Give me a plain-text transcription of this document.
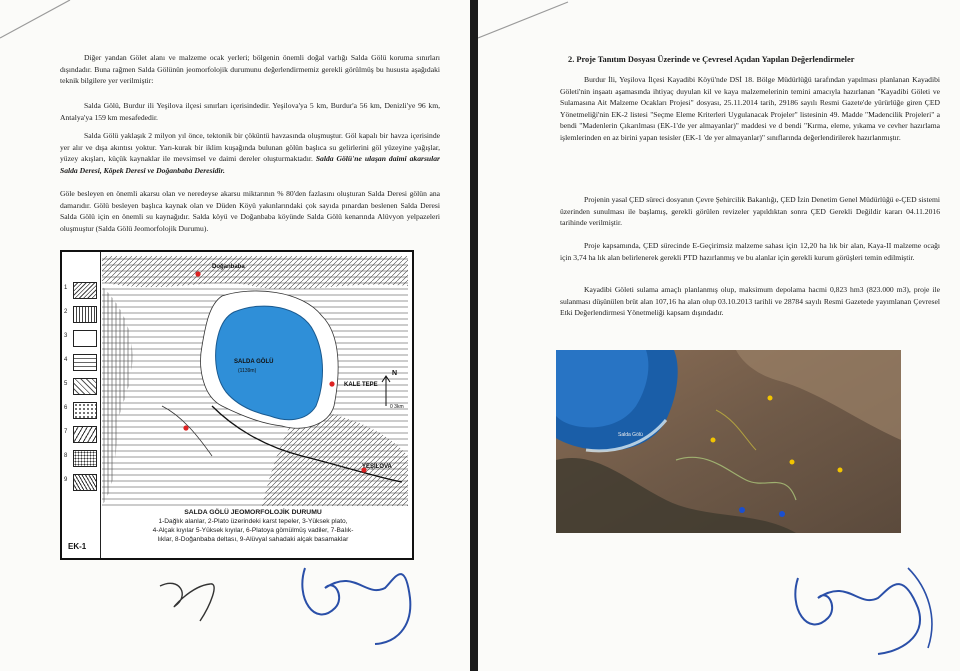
Diğer yandan Gölet alanı ve malzeme ocak yerleri; bölgenin önemli doğal varlığı Salda Gölü koruma sınırları dışındadır. Buna rağmen Salda Gölünün jeomorfolojik durumunu değerlendirmemiz gerekli görülmüş bu hususta aşağıdaki teknik bilgilere yer verilmiştir:

Salda Gölü, Burdur ili Yeşilova ilçesi sınırları içerisindedir. Yeşilova'ya 5 km, Burdur'a 56 km, Denizli'ye 96 km, Antalya'ya 159 km mesafededir.

Salda Gölü yaklaşık 2 milyon yıl önce, tektonik bir çöküntü havzasında oluşmuştur. Göl kapalı bir havza içerisinde yer alır ve dışa akıntısı yoktur. Yarı-kurak bir iklim kuşağında bulunan gölün başlıca su gelirlerini göl yüzeyine yağışlar, yüzey akışları, küçük kaynaklar ile mevsimsel ve daimi dereler oluşturmaktadır. Salda Gölü'ne ulaşan daimi akarsular Salda Deresi, Köpek Deresi ve Doğanbaba Deresidir.

Göle besleyen en önemli akarsu olan ve neredeyse akarsu miktarının % 80'den fazlasını oluşturan Salda Deresi gölün ana damarıdır. Gölü besleyen başlıca kaynak olan ve Düden Köyü yakınlarındaki çok sayıda pınardan beslenen Salda Deresi Salda Gölü için en önemli su kaynağıdır. Salda köyü ve Doğanbaba köyünde Salda Gölü kenarında Alüvyon yelpazeleri oluşmuştur (Salda Gölü Jeomorfolojik Durumu).

1
2
3
4
5
6
7
8
9
Doğanbaba
SALDA GÖLÜ
(1139m)
KALE TEPE
YEŞİLOVA
N
0 3km
SALDA GÖLÜ JEOMORFOLOJİK DURUMU
1-Dağlık alanlar, 2-Plato üzerindeki karst tepeler, 3-Yüksek plato,
4-Alçak kıyılar 5-Yüksek kıyılar, 6-Platoya gömülmüş vadiler, 7-Balık-
lıklar, 8-Doğanbaba deltası, 9-Alüvyal sahadaki alçak basamaklar
EK-1

2. Proje Tanıtım Dosyası Üzerinde ve Çevresel Açıdan Yapılan Değerlendirmeler

Burdur İli, Yeşilova İlçesi Kayadibi Köyü'nde DSİ 18. Bölge Müdürlüğü tarafından yapılması planlanan Kayadibi Göleti'nin inşaatı aşamasında ihtiyaç duyulan kil ve kaya malzemelerinin temini amacıyla hazırlanan "Kayadibi Göleti ve Sulamasına Ait Malzeme Ocakları Projesi" dosyası, 25.11.2014 tarih, 29186 sayılı Resmi Gazete'de yürürlüğe giren ÇED Yönetmeliği'nin EK-2 listesi "Seçme Eleme Kriterleri Uygulanacak Projeler" listesinin 49. Madde "Madencilik Projeleri" a bendi "Madenlerin Çıkarılması (EK-1'de yer almayanlar)" maddesi ve d bendi "Kırma, eleme, yıkama ve cevher hazırlama işlemlerinden en az birini yapan tesisler (EK-1 'de yer almayanlar)" sınıflarında değerlendirilerek hazırlanmıştır.

Projenin yasal ÇED süreci dosyanın Çevre Şehircilik Bakanlığı, ÇED İzin Denetim Genel Müdürlüğü e-ÇED sistemi üzerinden sunulması ile başlamış, gerekli görülen revizeler yapıldıktan sonra ÇED Gerekli Değildir kararı 04.11.2016 tarihinde verilmiştir.

Proje kapsamında, ÇED sürecinde E-Geçirimsiz malzeme sahası için 12,20 ha lık bir alan, Kaya-II malzeme ocağı için 3,74 ha lık alan belirlenerek gerekli PTD hazırlanmış ve bu alanlar için gerekli kurum görüşleri temin edilmiştir.

Kayadibi Göleti sulama amaçlı planlanmış olup, maksimum depolama hacmi 0,823 hm3 (823.000 m3), proje ile sulanması düşünülen brüt alan 107,16 ha alan olup 03.10.2013 tarihli ve 28784 sayılı Resmi Gazetede yayımlanan Çevresel Etki Değerlendirmesi Yönetmeliği kapsam dışındadır.

Salda Gölü
